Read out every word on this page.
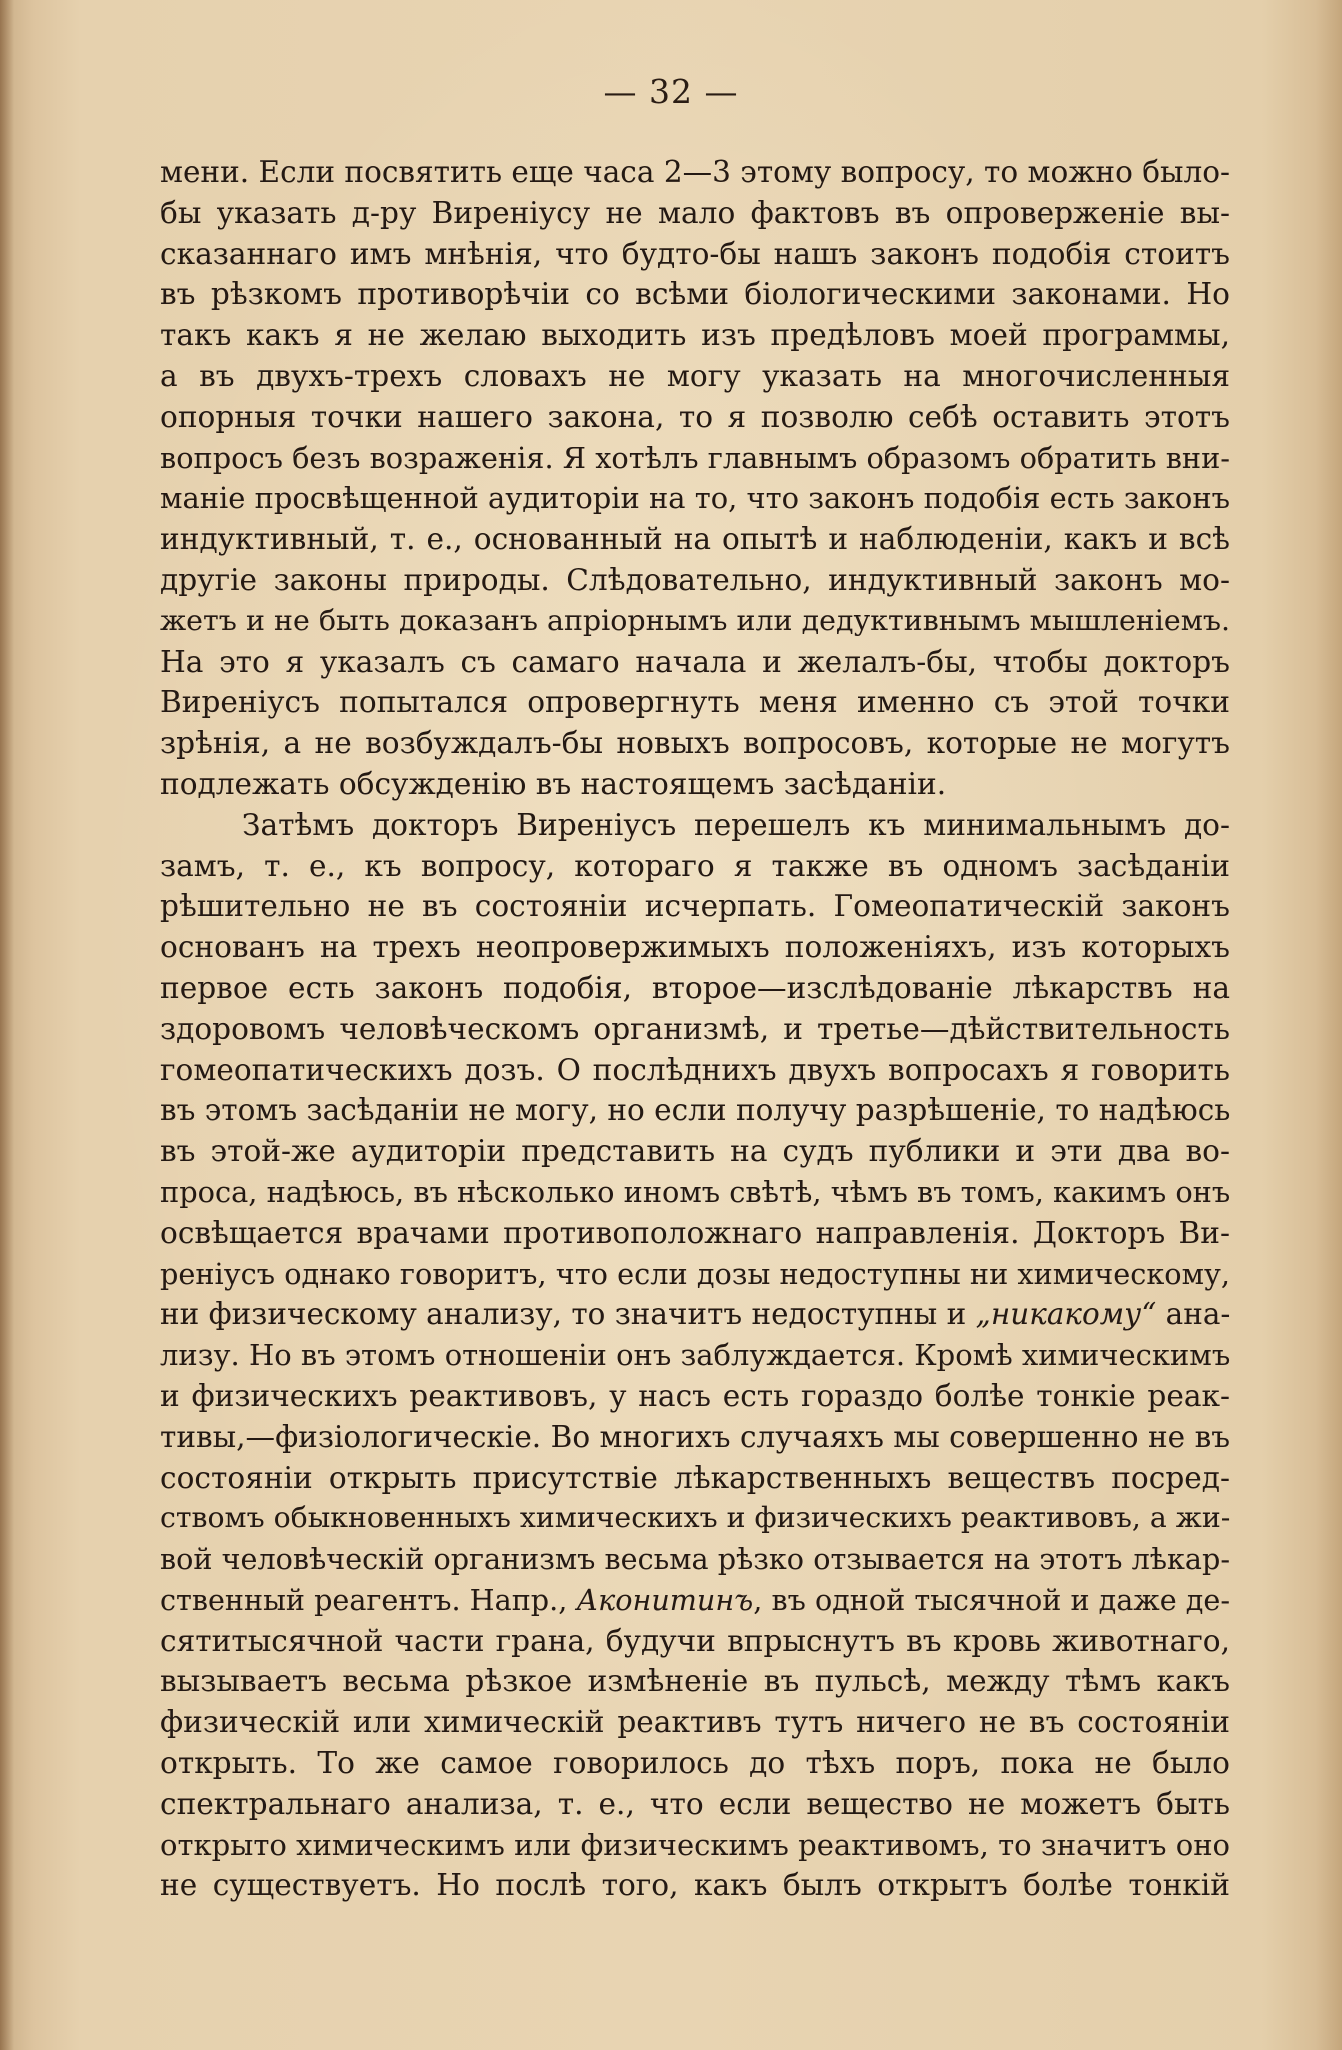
— 32 —
мени. Если посвятить еще часа 2—3 этому вопросу, то можно было-
бы указать д-ру Виреніусу не мало фактовъ въ опроверженіе вы-
сказаннаго имъ мнѣнія, что будто-бы нашъ законъ подобія стоитъ
въ рѣзкомъ противорѣчіи со всѣми біологическими законами. Но
такъ какъ я не желаю выходить изъ предѣловъ моей программы,
а въ двухъ-трехъ словахъ не могу указать на многочисленныя
опорныя точки нашего закона, то я позволю себѣ оставить этотъ
вопросъ безъ возраженія. Я хотѣлъ главнымъ образомъ обратить вни-
маніе просвѣщенной аудиторіи на то, что законъ подобія есть законъ
индуктивный, т. е., основанный на опытѣ и наблюденіи, какъ и всѣ
другіе законы природы. Слѣдовательно, индуктивный законъ мо-
жетъ и не быть доказанъ апріорнымъ или дедуктивнымъ мышленіемъ.
На это я указалъ съ самаго начала и желалъ-бы, чтобы докторъ
Виреніусъ попытался опровергнуть меня именно съ этой точки
зрѣнія, а не возбуждалъ-бы новыхъ вопросовъ, которые не могутъ
подлежать обсужденію въ настоящемъ засѣданіи.
Затѣмъ докторъ Виреніусъ перешелъ къ минимальнымъ до-
замъ, т. е., къ вопросу, котораго я также въ одномъ засѣданіи
рѣшительно не въ состояніи исчерпать. Гомеопатическій законъ
основанъ на трехъ неопровержимыхъ положеніяхъ, изъ которыхъ
первое есть законъ подобія, второе—изслѣдованіе лѣкарствъ на
здоровомъ человѣческомъ организмѣ, и третье—дѣйствительность
гомеопатическихъ дозъ. О послѣднихъ двухъ вопросахъ я говорить
въ этомъ засѣданіи не могу, но если получу разрѣшеніе, то надѣюсь
въ этой-же аудиторіи представить на судъ публики и эти два во-
проса, надѣюсь, въ нѣсколько иномъ свѣтѣ, чѣмъ въ томъ, какимъ онъ
освѣщается врачами противоположнаго направленія. Докторъ Ви-
реніусъ однако говоритъ, что если дозы недоступны ни химическому,
ни физическому анализу, то значитъ недоступны и „никакому“ ана-
лизу. Но въ этомъ отношеніи онъ заблуждается. Кромѣ химическимъ
и физическихъ реактивовъ, у насъ есть гораздо болѣе тонкіе реак-
тивы,—физіологическіе. Во многихъ случаяхъ мы совершенно не въ
состояніи открыть присутствіе лѣкарственныхъ веществъ посред-
ствомъ обыкновенныхъ химическихъ и физическихъ реактивовъ, а жи-
вой человѣческій организмъ весьма рѣзко отзывается на этотъ лѣкар-
ственный реагентъ. Напр., Аконитинъ, въ одной тысячной и даже де-
сятитысячной части грана, будучи впрыснутъ въ кровь животнаго,
вызываетъ весьма рѣзкое измѣненіе въ пульсѣ, между тѣмъ какъ
физическій или химическій реактивъ тутъ ничего не въ состояніи
открыть. То же самое говорилось до тѣхъ поръ, пока не было
спектральнаго анализа, т. е., что если вещество не можетъ быть
открыто химическимъ или физическимъ реактивомъ, то значитъ оно
не существуетъ. Но послѣ того, какъ былъ открытъ болѣе тонкій
